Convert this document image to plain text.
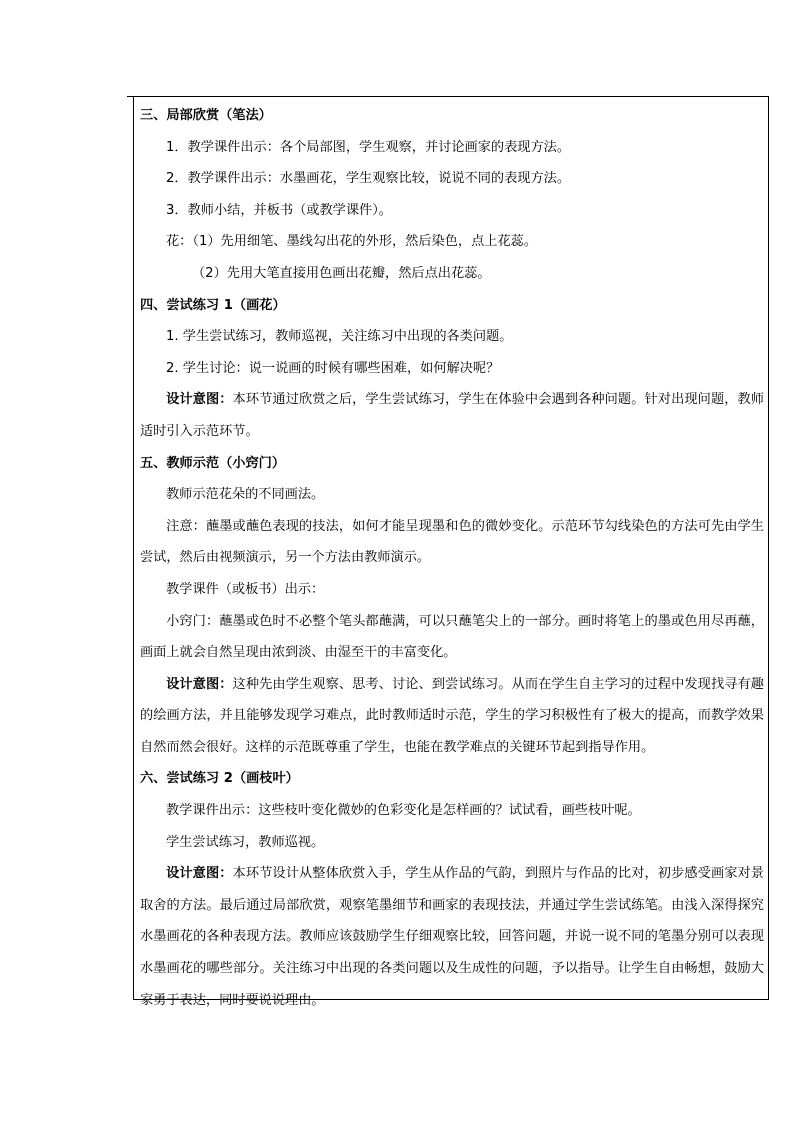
三、局部欣赏（笔法）

1．教学课件出示：各个局部图，学生观察，并讨论画家的表现方法。

2．教学课件出示：水墨画花，学生观察比较，说说不同的表现方法。

3．教师小结，并板书（或教学课件）。

花：（1）先用细笔、墨线勾出花的外形，然后染色，点上花蕊。

（2）先用大笔直接用色画出花瓣，然后点出花蕊。

四、尝试练习 1（画花）

1. 学生尝试练习，教师巡视，关注练习中出现的各类问题。

2. 学生讨论：说一说画的时候有哪些困难，如何解决呢？

设计意图：本环节通过欣赏之后，学生尝试练习，学生在体验中会遇到各种问题。针对出现问题，教师适时引入示范环节。

五、教师示范（小窍门）

教师示范花朵的不同画法。

注意：蘸墨或蘸色表现的技法，如何才能呈现墨和色的微妙变化。示范环节勾线染色的方法可先由学生尝试，然后由视频演示，另一个方法由教师演示。

教学课件（或板书）出示：

小窍门：蘸墨或色时不必整个笔头都蘸满，可以只蘸笔尖上的一部分。画时将笔上的墨或色用尽再蘸，画面上就会自然呈现由浓到淡、由湿至干的丰富变化。

设计意图：这种先由学生观察、思考、讨论、到尝试练习。从而在学生自主学习的过程中发现找寻有趣的绘画方法，并且能够发现学习难点，此时教师适时示范，学生的学习积极性有了极大的提高，而教学效果自然而然会很好。这样的示范既尊重了学生，也能在教学难点的关键环节起到指导作用。

六、尝试练习 2（画枝叶）

教学课件出示：这些枝叶变化微妙的色彩变化是怎样画的？试试看，画些枝叶呢。

学生尝试练习，教师巡视。

设计意图：本环节设计从整体欣赏入手，学生从作品的气韵，到照片与作品的比对，初步感受画家对景取舍的方法。最后通过局部欣赏，观察笔墨细节和画家的表现技法，并通过学生尝试练笔。由浅入深得探究水墨画花的各种表现方法。教师应该鼓励学生仔细观察比较，回答问题，并说一说不同的笔墨分别可以表现水墨画花的哪些部分。关注练习中出现的各类问题以及生成性的问题，予以指导。让学生自由畅想，鼓励大家勇于表达，同时要说说理由。
